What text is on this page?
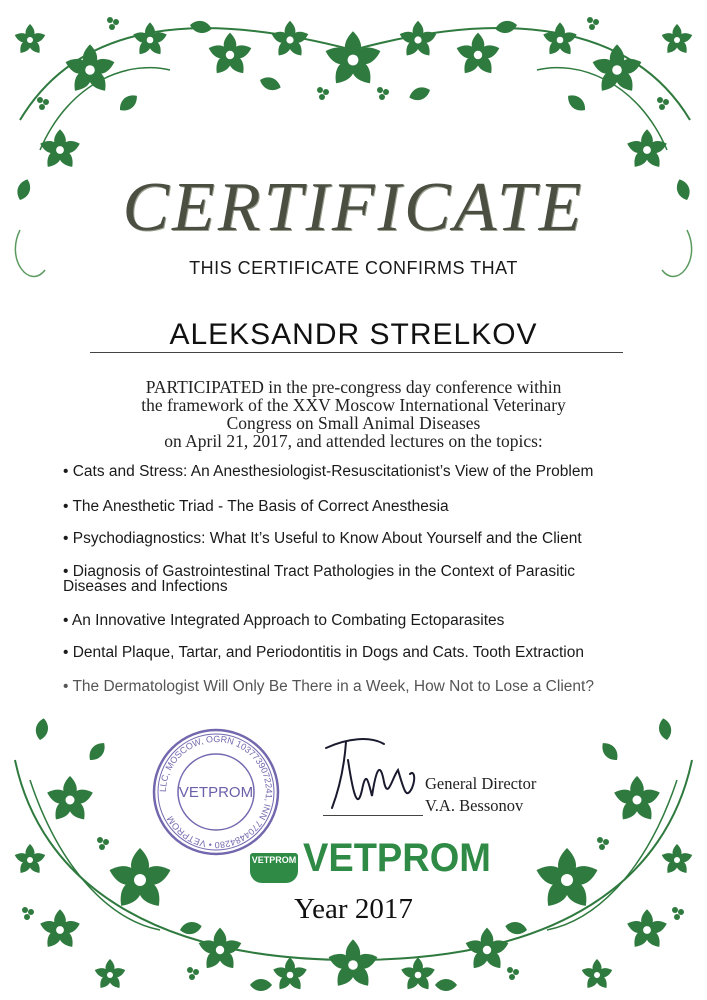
CERTIFICATE
THIS CERTIFICATE CONFIRMS THAT
ALEKSANDR STRELKOV
PARTICIPATED in the pre-congress day conference within
the framework of the XXV Moscow International Veterinary
Congress on Small Animal Diseases
on April 21, 2017, and attended lectures on the topics:
• Cats and Stress: An Anesthesiologist-Resuscitationist’s View of the Problem
• The Anesthetic Triad - The Basis of Correct Anesthesia
• Psychodiagnostics: What It’s Useful to Know About Yourself and the Client
• Diagnosis of Gastrointestinal Tract Pathologies in the Context of Parasitic
Diseases and Infections
• An Innovative Integrated Approach to Combating Ectoparasites
• Dental Plaque, Tartar, and Periodontitis in Dogs and Cats. Tooth Extraction
• The Dermatologist Will Only Be There in a Week, How Not to Lose a Client?
LLC, MOSCOW, OGRN 1037739072241, INN 7704484280 • VETPROM
VETPROM	General Director
V.A. Bessonov
VETPROM VETPROM
Year 2017
